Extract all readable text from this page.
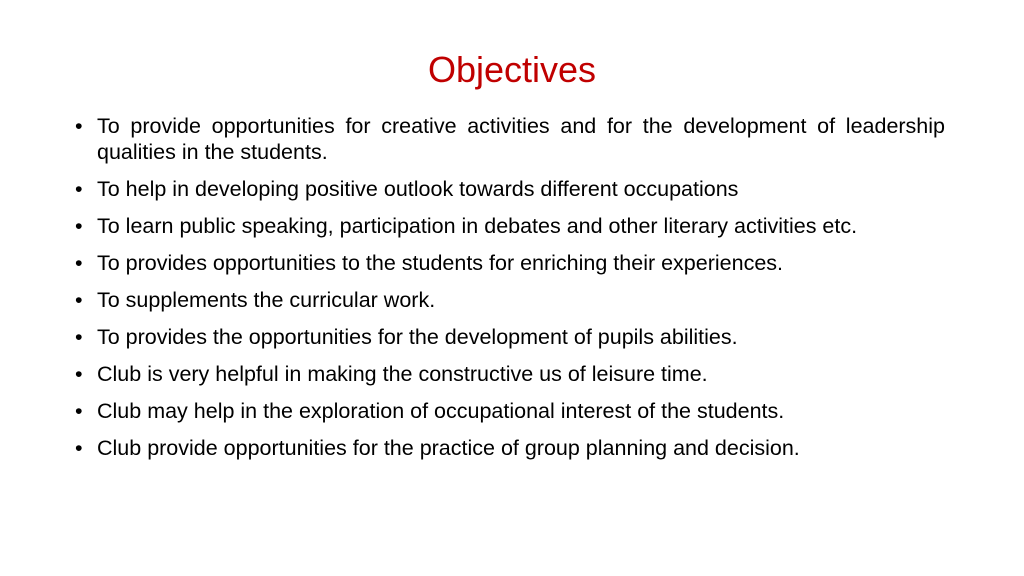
Objectives
• To provide opportunities for creative activities and for the development of leadership qualities in the students.
• To help in developing positive outlook towards different occupations
• To learn public speaking, participation in debates and other literary activities etc.
• To provides opportunities to the students for enriching their experiences.
• To supplements the curricular work.
• To provides the opportunities for the development of pupils abilities.
• Club is very helpful in making the constructive us of leisure time.
• Club may help in the exploration of occupational interest of the students.
• Club provide opportunities for the practice of group planning and decision.
